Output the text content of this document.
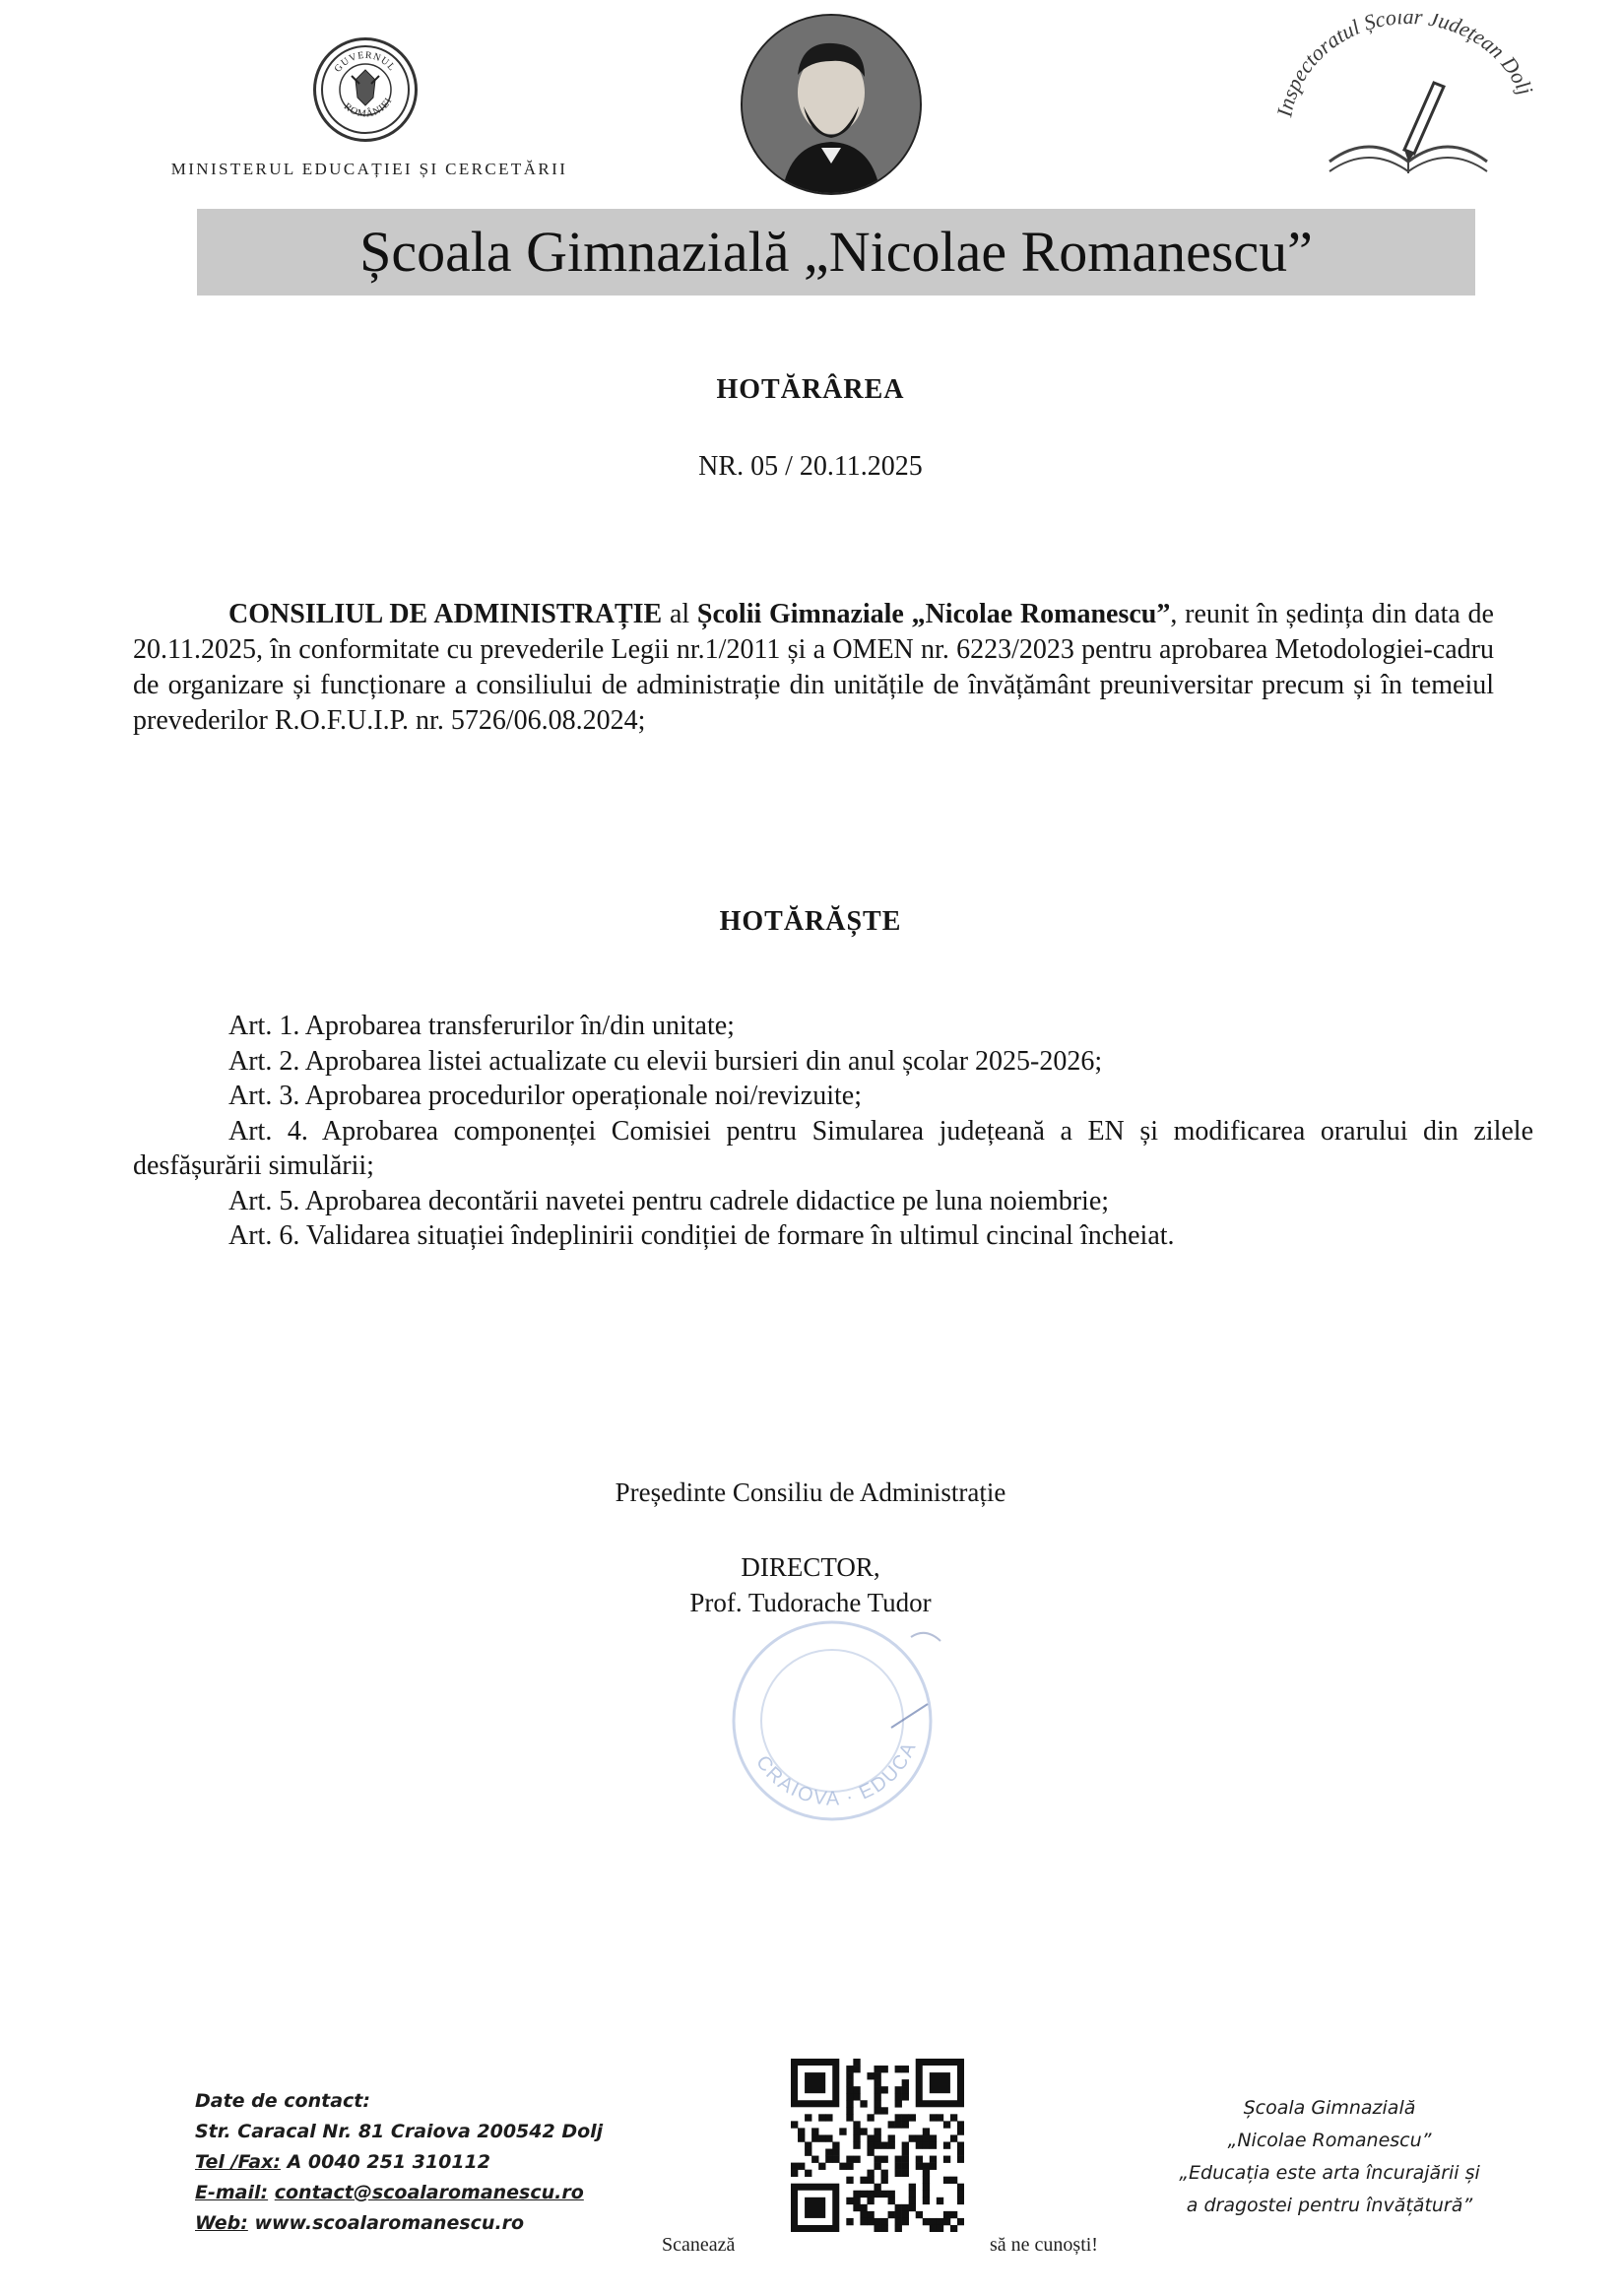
GUVERNUL
ROMÂNIEI
MINISTERUL EDUCAȚIEI ȘI CERCETĂRII
Inspectoratul Școlar Județean Dolj
Școala Gimnazială „Nicolae Romanescu”
HOTĂRÂREA
NR. 05 / 20.11.2025
CONSILIUL DE ADMINISTRAȚIE al Școlii Gimnaziale „Nicolae Romanescu”, reunit în ședința din data de 20.11.2025, în conformitate cu prevederile Legii nr.1/2011 și a OMEN nr. 6223/2023 pentru aprobarea Metodologiei-cadru de organizare și funcționare a consiliului de administrație din unitățile de învățământ preuniversitar precum și în temeiul prevederilor R.O.F.U.I.P. nr. 5726/06.08.2024;
HOTĂRĂȘTE
Art. 1. Aprobarea transferurilor în/din unitate;
Art. 2. Aprobarea listei actualizate cu elevii bursieri din anul școlar 2025-2026;
Art. 3. Aprobarea procedurilor operaționale noi/revizuite;
Art. 4. Aprobarea componenței Comisiei pentru Simularea județeană a EN și modificarea orarului din zilele desfășurării simulării;
Art. 5. Aprobarea decontării navetei pentru cadrele didactice pe luna noiembrie;
Art. 6. Validarea situației îndeplinirii condiției de formare în ultimul cincinal încheiat.
Președinte Consiliu de Administrație
DIRECTOR,
Prof. Tudorache Tudor
CRAIOVA · EDUCA
Date de contact:
Str. Caracal Nr. 81 Craiova 200542 Dolj
Tel /Fax: A 0040 251 310112
E-mail: contact@scoalaromanescu.ro
Web: www.scoalaromanescu.ro
Scanează	să ne cunoști!
Școala Gimnazială
„Nicolae Romanescu”
„Educația este arta încurajării și
a dragostei pentru învățătură”
